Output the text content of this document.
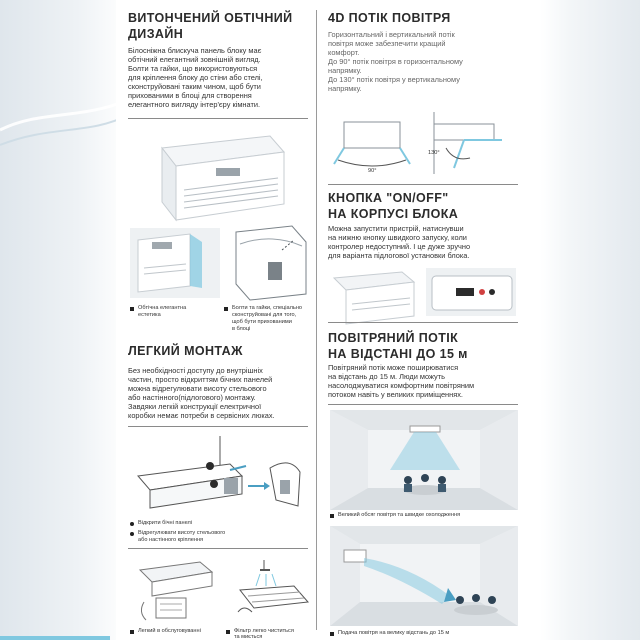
ВИТОНЧЕНИЙ ОБТІЧНИЙ ДИЗАЙН
Білосніжна блискуча панель блоку має
обтічний елегантний зовнішній вигляд.
Болти та гайки, що використовуються
для кріплення блоку до стіни або стелі,
сконструйовані таким чином, щоб бути
прихованими в блоці для створення
елегантного вигляду інтер'єру кімнати.
Обтічна елегантна
естетика
Болти та гайки, спеціально
сконструйовані для того,
щоб бути прихованими
в блоці
4D ПОТІК ПОВІТРЯ
Горизонтальний і вертикальний потік
повітря може забезпечити кращий
комфорт.
До 90° потік повітря в горизонтальному
напрямку.
До 130° потік повітря у вертикальному
напрямку.
90°
130°
КНОПКА "ON/OFF"
НА КОРПУСІ БЛОКА
Можна запустити пристрій, натиснувши
на нижню кнопку швидкого запуску, коли
контролер недоступний. І це дуже зручно
для варіанта підлогової установки блока.
ЛЕГКИЙ МОНТАЖ
Без необхідності доступу до внутрішніх
частин, просто відкриттям бічних панелей
можна відрегулювати висоту стельового
або настінного(підлогового) монтажу.
Завдяки легкій конструкції електричної
коробки немає потреби в сервісних люках.
Відкрити бічні панелі
Відрегулювати висоту стельового
або настінного кріплення
Легкий в обслуговуванні	Фільтр легко чиститься
та миється
ПОВІТРЯНИЙ ПОТІК
НА ВІДСТАНІ ДО 15 м
Повітряний потік може поширюватися
на відстань до 15 м. Люди можуть
насолоджуватися комфортним повітряним
потоком навіть у великих приміщеннях.
Великий обсяг повітря та швидке охолодження
Подача повітря на велику відстань до 15 м
